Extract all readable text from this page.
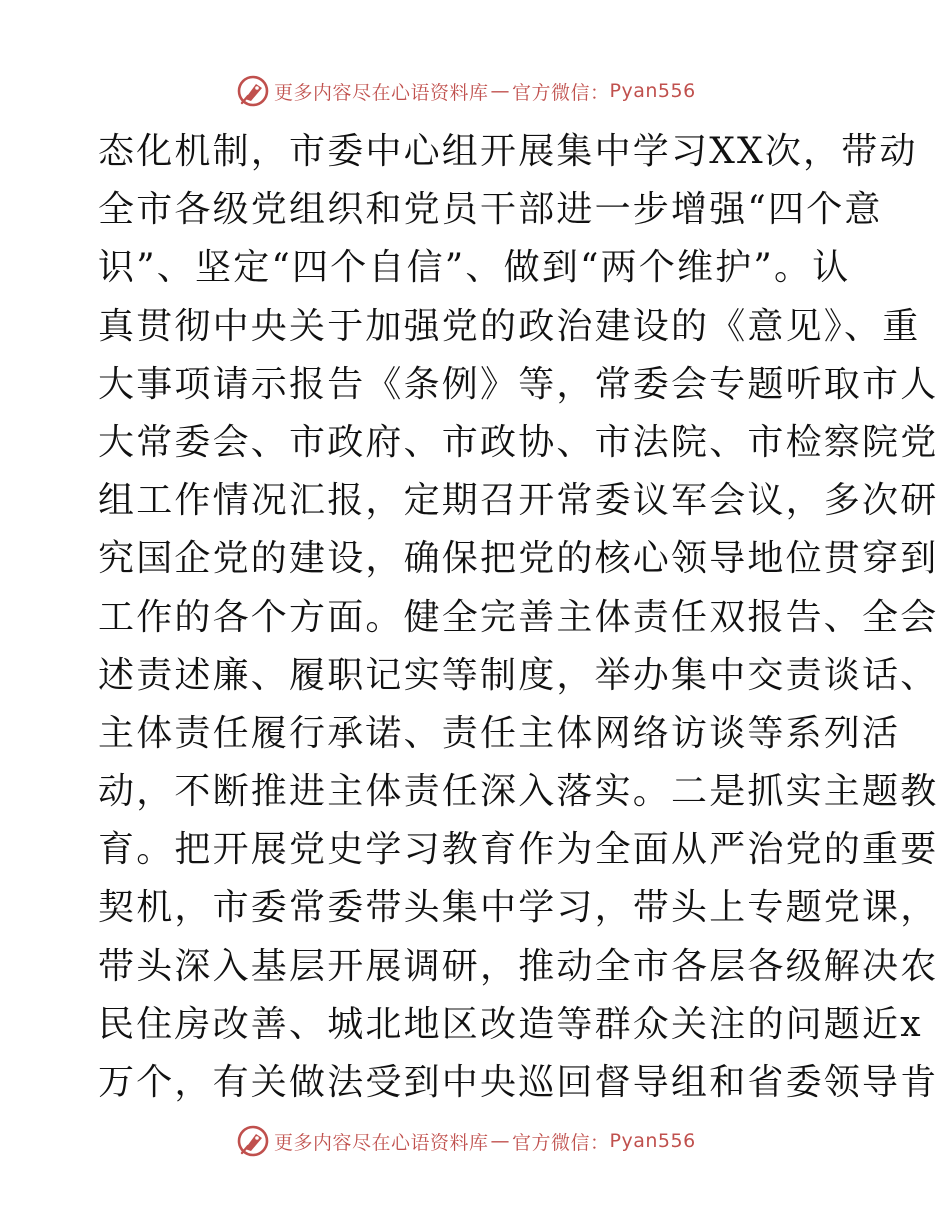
更多内容尽在心语资料库 — 官方微信： Pyan556
态化机制，市委中心组开展集中学习XX次，带动
全市各级党组织和党员干部进一步增强“四个意
识”、坚定“四个自信”、做到“两个维护”。认
真贯彻中央关于加强党的政治建设的《意见》、重
大事项请示报告《条例》等，常委会专题听取市人
大常委会、市政府、市政协、市法院、市检察院党
组工作情况汇报，定期召开常委议军会议，多次研
究国企党的建设，确保把党的核心领导地位贯穿到
工作的各个方面。健全完善主体责任双报告、全会
述责述廉、履职记实等制度，举办集中交责谈话、
主体责任履行承诺、责任主体网络访谈等系列活
动，不断推进主体责任深入落实。二是抓实主题教
育。把开展党史学习教育作为全面从严治党的重要
契机，市委常委带头集中学习，带头上专题党课，
带头深入基层开展调研，推动全市各层各级解决农
民住房改善、城北地区改造等群众关注的问题近x
万个，有关做法受到中央巡回督导组和省委领导肯
更多内容尽在心语资料库 — 官方微信： Pyan556
